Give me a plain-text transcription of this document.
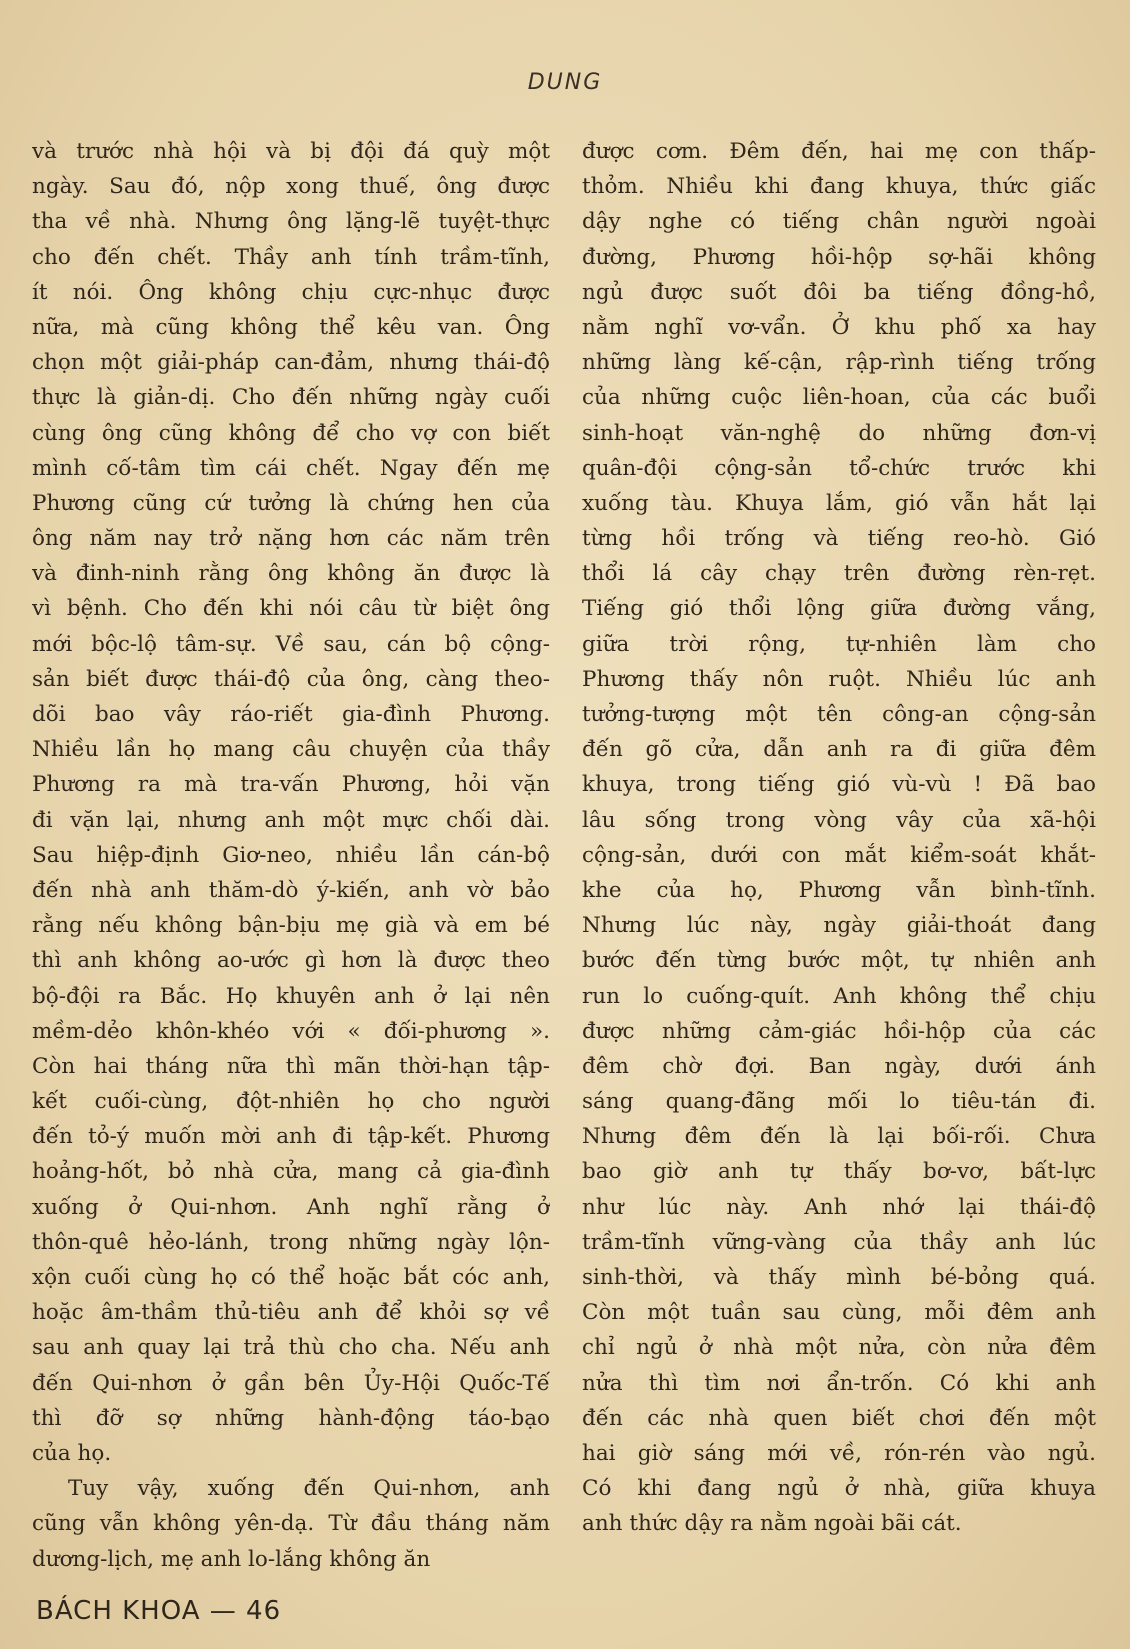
DUNG
và trước nhà hội và bị đội đá quỳ một
ngày. Sau đó, nộp xong thuế, ông được
tha về nhà. Nhưng ông lặng-lẽ tuyệt-thực
cho đến chết. Thầy anh tính trầm-tĩnh,
ít nói. Ông không chịu cực-nhục được
nữa, mà cũng không thể kêu van. Ông
chọn một giải-pháp can-đảm, nhưng thái-độ
thực là giản-dị. Cho đến những ngày cuối
cùng ông cũng không để cho vợ con biết
mình cố-tâm tìm cái chết. Ngay đến mẹ
Phương cũng cứ tưởng là chứng hen của
ông năm nay trở nặng hơn các năm trên
và đinh-ninh rằng ông không ăn được là
vì bệnh. Cho đến khi nói câu từ biệt ông
mới bộc-lộ tâm-sự. Về sau, cán bộ cộng-
sản biết được thái-độ của ông, càng theo-
dõi bao vây ráo-riết gia-đình Phương.
Nhiều lần họ mang câu chuyện của thầy
Phương ra mà tra-vấn Phương, hỏi vặn
đi vặn lại, nhưng anh một mực chối dài.
Sau hiệp-định Giơ-neo, nhiều lần cán-bộ
đến nhà anh thăm-dò ý-kiến, anh vờ bảo
rằng nếu không bận-bịu mẹ già và em bé
thì anh không ao-ước gì hơn là được theo
bộ-đội ra Bắc. Họ khuyên anh ở lại nên
mềm-dẻo khôn-khéo với « đối-phương ».
Còn hai tháng nữa thì mãn thời-hạn tập-
kết cuối-cùng, đột-nhiên họ cho người
đến tỏ-ý muốn mời anh đi tập-kết. Phương
hoảng-hốt, bỏ nhà cửa, mang cả gia-đình
xuống ở Qui-nhơn. Anh nghĩ rằng ở
thôn-quê hẻo-lánh, trong những ngày lộn-
xộn cuối cùng họ có thể hoặc bắt cóc anh,
hoặc âm-thầm thủ-tiêu anh để khỏi sợ về
sau anh quay lại trả thù cho cha. Nếu anh
đến Qui-nhơn ở gần bên Ủy-Hội Quốc-Tế
thì đỡ sợ những hành-động táo-bạo
của họ.
Tuy vậy, xuống đến Qui-nhơn, anh
cũng vẫn không yên-dạ. Từ đầu tháng năm
dương-lịch, mẹ anh lo-lắng không ăn
được cơm. Đêm đến, hai mẹ con thấp-
thỏm. Nhiều khi đang khuya, thức giấc
dậy nghe có tiếng chân người ngoài
đường, Phương hồi-hộp sợ-hãi không
ngủ được suốt đôi ba tiếng đồng-hồ,
nằm nghĩ vơ-vẩn. Ở khu phố xa hay
những làng kế-cận, rập-rình tiếng trống
của những cuộc liên-hoan, của các buổi
sinh-hoạt văn-nghệ do những đơn-vị
quân-đội cộng-sản tổ-chức trước khi
xuống tàu. Khuya lắm, gió vẫn hắt lại
từng hồi trống và tiếng reo-hò. Gió
thổi lá cây chạy trên đường rèn-rẹt.
Tiếng gió thổi lộng giữa đường vắng,
giữa trời rộng, tự-nhiên làm cho
Phương thấy nôn ruột. Nhiều lúc anh
tưởng-tượng một tên công-an cộng-sản
đến gõ cửa, dẫn anh ra đi giữa đêm
khuya, trong tiếng gió vù-vù ! Đã bao
lâu sống trong vòng vây của xã-hội
cộng-sản, dưới con mắt kiểm-soát khắt-
khe của họ, Phương vẫn bình-tĩnh.
Nhưng lúc này, ngày giải-thoát đang
bước đến từng bước một, tự nhiên anh
run lo cuống-quít. Anh không thể chịu
được những cảm-giác hồi-hộp của các
đêm chờ đợi. Ban ngày, dưới ánh
sáng quang-đãng mối lo tiêu-tán đi.
Nhưng đêm đến là lại bối-rối. Chưa
bao giờ anh tự thấy bơ-vơ, bất-lực
như lúc này. Anh nhớ lại thái-độ
trầm-tĩnh vững-vàng của thầy anh lúc
sinh-thời, và thấy mình bé-bỏng quá.
Còn một tuần sau cùng, mỗi đêm anh
chỉ ngủ ở nhà một nửa, còn nửa đêm
nửa thì tìm nơi ẩn-trốn. Có khi anh
đến các nhà quen biết chơi đến một
hai giờ sáng mới về, rón-rén vào ngủ.
Có khi đang ngủ ở nhà, giữa khuya
anh thức dậy ra nằm ngoài bãi cát.
BÁCH KHOA — 46
